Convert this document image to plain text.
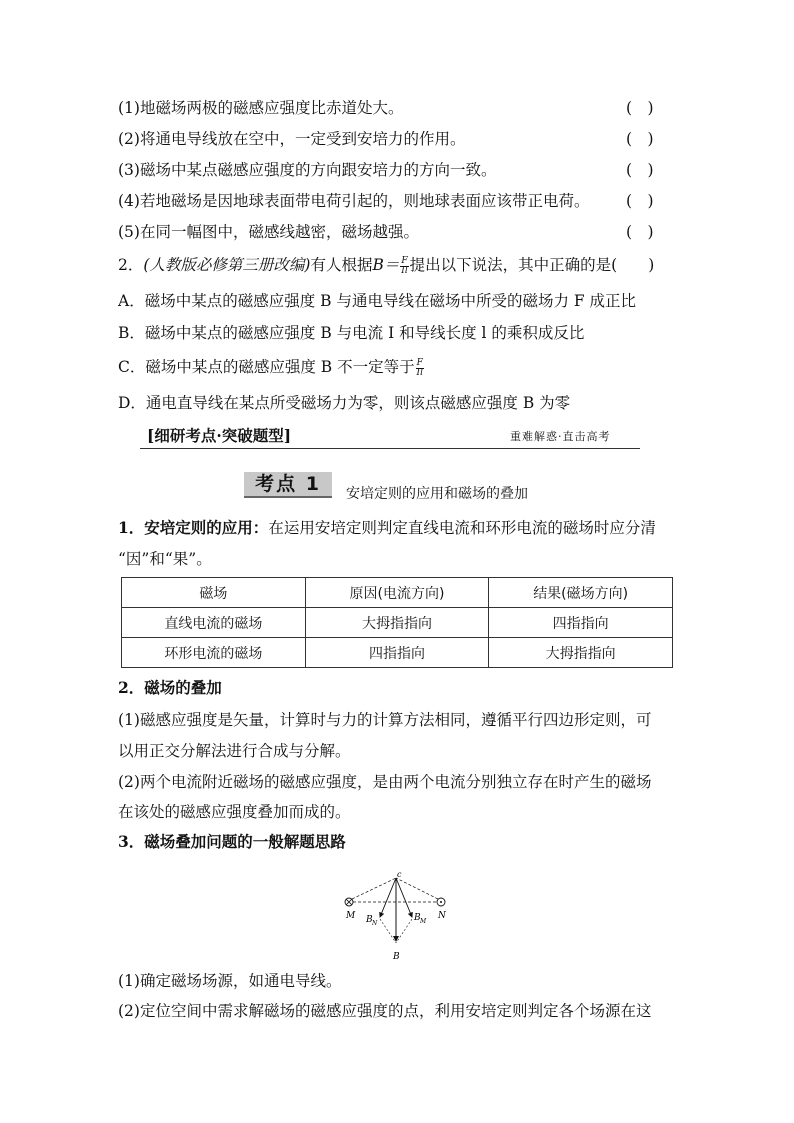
(1)地磁场两极的磁感应强度比赤道处大。	(　)
(2)将通电导线放在空中，一定受到安培力的作用。	(　)
(3)磁场中某点磁感应强度的方向跟安培力的方向一致。	(　)
(4)若地磁场是因地球表面带电荷引起的，则地球表面应该带正电荷。 (　)
(5)在同一幅图中，磁感线越密，磁场越强。	(　)
2．(人教版必修第三册改编)有人根据$B= \frac{F}{Il}$ 提出以下说法，其中正确的是(　　)
A．磁场中某点的磁感应强度 B 与通电导线在磁场中所受的磁场力 F 成正比
B．磁场中某点的磁感应强度 B 与电流 I 和导线长度 l 的乘积成反比
C．磁场中某点的磁感应强度 B 不一定等于 $\frac{F}{Il}$
D．通电直导线在某点所受磁场力为零，则该点磁感应强度 B 为零
[细研考点·突破题型]	重难解惑·直击高考
考点 1	安培定则的应用和磁场的叠加
1．安培定则的应用：在运用安培定则判定直线电流和环形电流的磁场时应分清
“因”和“果”。
磁场	原因(电流方向)	结果(磁场方向)
直线电流的磁场	大拇指指向	四指指向
环形电流的磁场	四指指向	大拇指指向
2．磁场的叠加
(1)磁感应强度是矢量，计算时与力的计算方法相同，遵循平行四边形定则，可
以用正交分解法进行合成与分解。
(2)两个电流附近磁场的磁感应强度，是由两个电流分别独立存在时产生的磁场
在该处的磁感应强度叠加而成的。
3．磁场叠加问题的一般解题思路
c
M	N
B N
B M
B
(1)确定磁场场源，如通电导线。
(2)定位空间中需求解磁场的磁感应强度的点，利用安培定则判定各个场源在这
